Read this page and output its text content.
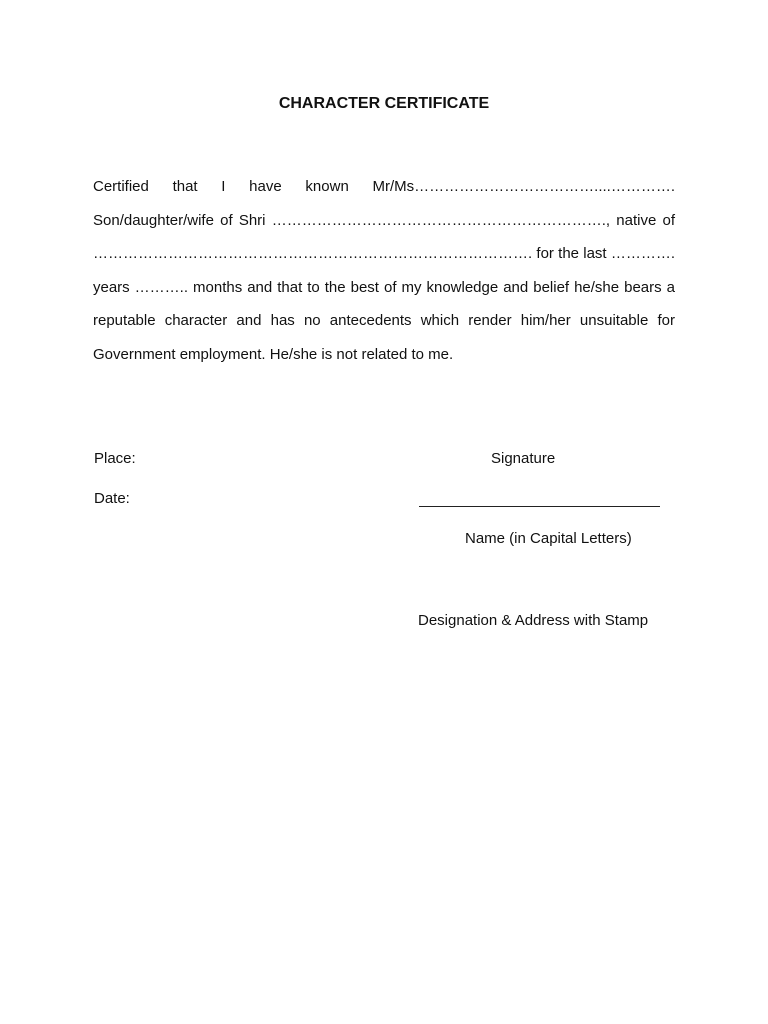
CHARACTER CERTIFICATE

Certified that I have known Mr/Ms………………………………....…………. Son/daughter/wife of Shri …………………………………………………………., native of ……………………………………………………………………………. for the last …………. years ……….. months and that to the best of my knowledge and belief he/she bears a reputable character and has no antecedents which render him/her unsuitable for Government employment. He/she is not related to me.

Place:
Date:
Signature
Name (in Capital Letters)
Designation & Address with Stamp
